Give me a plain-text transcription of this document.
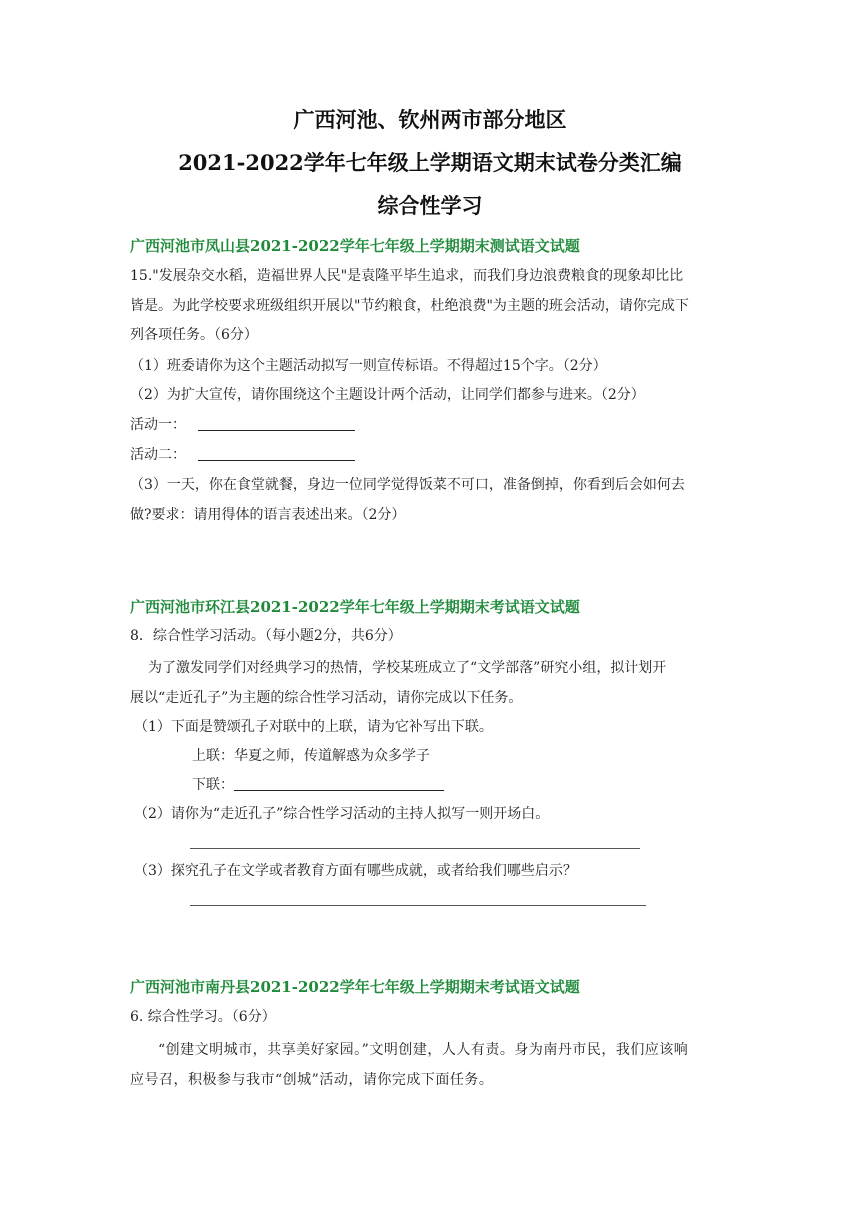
广西河池、钦州两市部分地区
2021-2022学年七年级上学期语文期末试卷分类汇编
综合性学习
广西河池市凤山县2021-2022学年七年级上学期期末测试语文试题
15."发展杂交水稻，造福世界人民"是袁隆平毕生追求，而我们身边浪费粮食的现象却比比
皆是。为此学校要求班级组织开展以"节约粮食，杜绝浪费"为主题的班会活动，请你完成下
列各项任务。（6分）
（1）班委请你为这个主题活动拟写一则宣传标语。不得超过15个字。（2分）
（2）为扩大宣传，请你围绕这个主题设计两个活动，让同学们都参与进来。（2分）
活动一：
活动二：
（3）一天，你在食堂就餐，身边一位同学觉得饭菜不可口，准备倒掉，你看到后会如何去
做?要求：请用得体的语言表述出来。（2分）
广西河池市环江县2021-2022学年七年级上学期期末考试语文试题
8．综合性学习活动。（每小题2分，共6分）
为了激发同学们对经典学习的热情，学校某班成立了“文学部落”研究小组，拟计划开
展以“走近孔子”为主题的综合性学习活动，请你完成以下任务。
（1）下面是赞颂孔子对联中的上联，请为它补写出下联。
上联：华夏之师，传道解惑为众多学子
下联：
（2）请你为“走近孔子”综合性学习活动的主持人拟写一则开场白。
（3）探究孔子在文学或者教育方面有哪些成就，或者给我们哪些启示？
广西河池市南丹县2021-2022学年七年级上学期期末考试语文试题
6. 综合性学习。（6分）
“创建文明城市，共享美好家园。”文明创建，人人有责。身为南丹市民，我们应该响
应号召，积极参与我市“创城”活动，请你完成下面任务。
